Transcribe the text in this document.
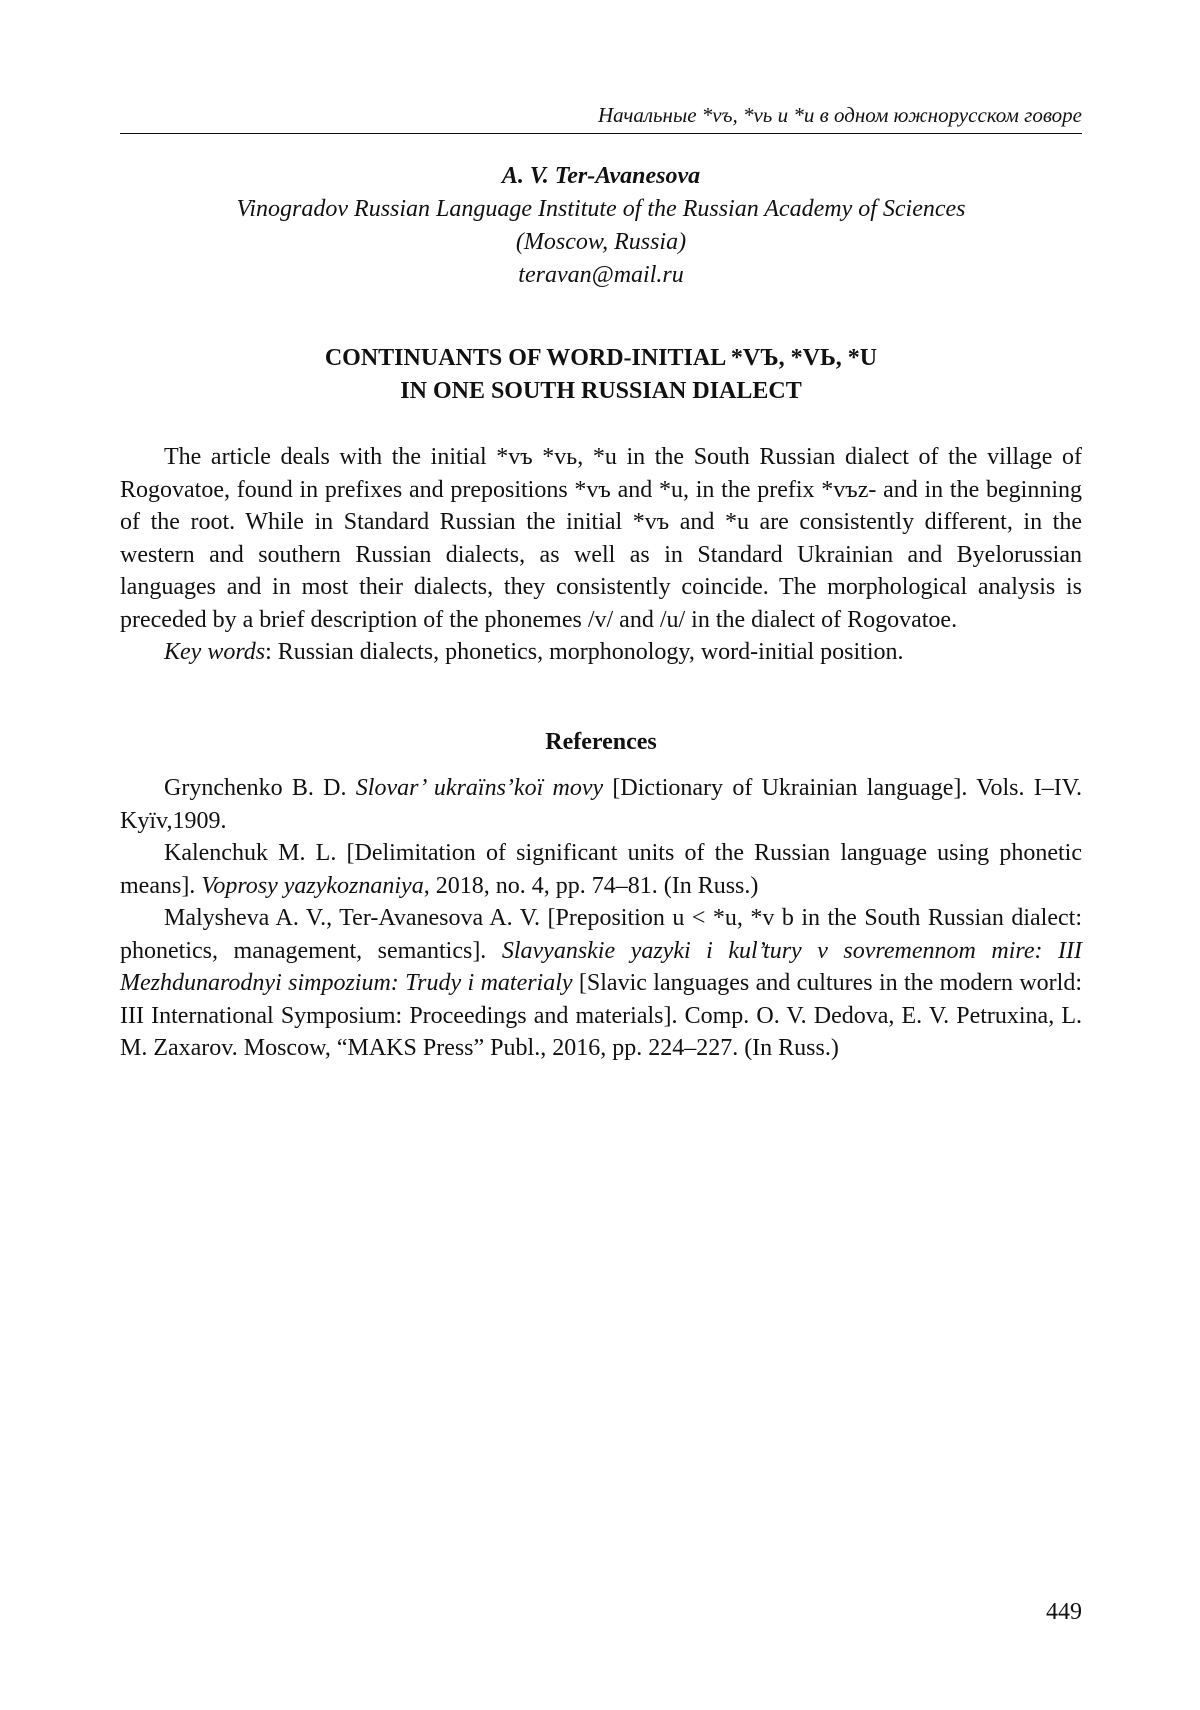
Начальные *vъ, *vь и *u в одном южнорусском говоре
A. V. Ter-Avanesova
Vinogradov Russian Language Institute of the Russian Academy of Sciences
(Moscow, Russia)
teravan@mail.ru
CONTINUANTS OF WORD-INITIAL *VЪ, *VЬ, *U
IN ONE SOUTH RUSSIAN DIALECT

The article deals with the initial *vъ *vь, *u in the South Russian dialect of the village of Rogovatoe, found in prefixes and prepositions *vъ and *u, in the prefix *vъz- and in the beginning of the root. While in Standard Russian the initial *vъ and *u are consistently different, in the western and southern Russian dialects, as well as in Standard Ukrainian and Byelorussian languages and in most their dialects, they consistently coincide. The morphological analysis is preceded by a brief description of the phonemes /v/ and /u/ in the dialect of Rogovatoe.

Key words: Russian dialects, phonetics, morphonology, word-initial position.

References

Grynchenko B. D. Slovar’ ukraïns’koï movy [Dictionary of Ukrainian language]. Vols. I–IV. Kyïv,1909.

Kalenchuk M. L. [Delimitation of significant units of the Russian language using phonetic means]. Voprosy yazykoznaniya, 2018, no. 4, pp. 74–81. (In Russ.)

Malysheva A. V., Ter-Avanesova A. V. [Preposition u < *u, *v b in the South Russian dialect: phonetics, management, semantics]. Slavyanskie yazyki i kul’tury v sovremennom mire: III Mezhdunarodnyi simpozium: Trudy i materialy [Slavic languages and cultures in the modern world: III International Symposium: Proceedings and materials]. Comp. O. V. Dedova, E. V. Petruxina, L. M. Zaxarov. Moscow, “MAKS Press” Publ., 2016, pp. 224–227. (In Russ.)

449
